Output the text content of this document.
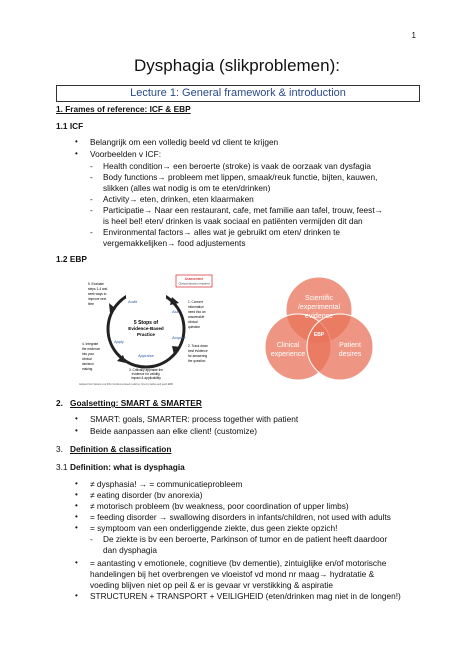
1
Dysphagia (slikproblemen):
Lecture 1: General framework & introduction
1. Frames of reference: ICF & EBP
1.1 ICF
• Belangrijk om een volledig beeld vd client te krijgen
• Voorbeelden v ICF:
- Health condition→ een beroerte (stroke) is vaak de oorzaak van dysfagia
- Body functions→ probleem met lippen, smaak/reuk functie, bijten, kauwen,
slikken (alles wat nodig is om te eten/drinken)
- Activity→ eten, drinken, eten klaarmaken
- Participatie→ Naar een restaurant, cafe, met familie aan tafel, trouw, feest→
is heel bel! eten/ drinken is vaak sociaal en patiënten vermijden dit dan
- Environmental factors→ alles wat je gebruikt om eten/ drinken te
vergemakkelijken→ food adjustements
1.2 EBP
Assessment
Clinical decision required
5 Stops of
Evidence-Based
Practice
Audit
Ask
Acquire
Appraise
Apply
5. Evaluate steps 1-4 and seek ways to improve next time	1. Convert information need into an answerable clinical question
2. Track down best evidence for answering the question
3. Critically appraise the evidence for validity, impact & applicability
4. Integrate the evidence into your clinical decision making
Adapted from Sackett et al 2011 / Evidence-based medicine: how to practice and teach EBM
Scientific /experimental evidence
Clinical experience
Patient desires
EBP
2. Goalsetting: SMART & SMARTER
• SMART: goals, SMARTER: process together with patient
• Beide aanpassen aan elke client! (customize)
3. Definition & classification
3.1 Definition: what is dysphagia
• ≠ dysphasia! → = communicatieprobleem
• ≠ eating disorder (bv anorexia)
• ≠ motorisch probleem (bv weakness, poor coordination of upper limbs)
• = feeding disorder → swallowing disorders in infants/children, not used with adults
• = symptoom van een onderliggende ziekte, dus geen ziekte opzich!
- De ziekte is bv een beroerte, Parkinson of tumor en de patient heeft daardoor
dan dysphagia
• = aantasting v emotionele, cognitieve (bv dementie), zintuiglijke en/of motorische
handelingen bij het overbrengen ve vloeistof vd mond nr maag→ hydratatie &
voeding blijven niet op peil & er is gevaar vr verstikking & aspiratie
• STRUCTUREN + TRANSPORT + VEILIGHEID (eten/drinken mag niet in de longen!)
